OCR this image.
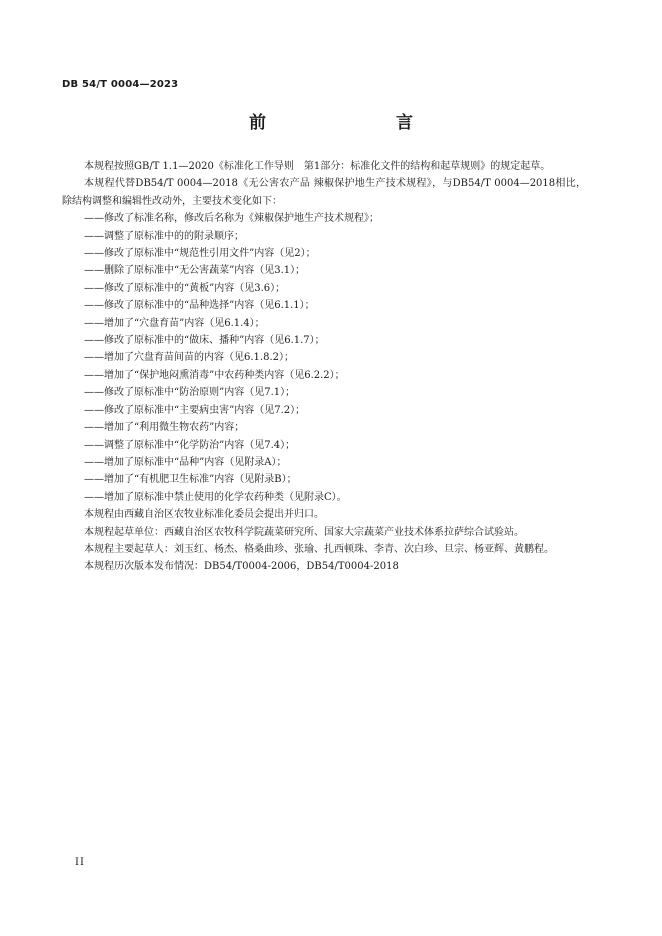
DB 54/T 0004—2023
前　　言

本规程按照GB/T 1.1—2020《标准化工作导则　第1部分：标准化文件的结构和起草规则》的规定起草。

本规程代替DB54/T 0004—2018《无公害农产品 辣椒保护地生产技术规程》，与DB54/T 0004—2018相比，除结构调整和编辑性改动外，主要技术变化如下：

——修改了标准名称，修改后名称为《辣椒保护地生产技术规程》；

——调整了原标准中的的附录顺序；

——修改了原标准中“规范性引用文件”内容（见2）；

——删除了原标准中“无公害蔬菜”内容（见3.1）；

——修改了原标准中的“黄板”内容（见3.6）；

——修改了原标准中的“品种选择”内容（见6.1.1）；

——增加了“穴盘育苗”内容（见6.1.4）；

——修改了原标准中的“做床、播种”内容（见6.1.7）；

——增加了穴盘育苗间苗的内容（见6.1.8.2）；

——增加了“保护地闷熏消毒”中农药种类内容（见6.2.2）；

——修改了原标准中“防治原则”内容（见7.1）；

——修改了原标准中“主要病虫害”内容（见7.2）；

——增加了“利用微生物农药”内容；

——调整了原标准中“化学防治”内容（见7.4）；

——增加了原标准中“品种”内容（见附录A）；

——增加了“有机肥卫生标准”内容（见附录B）；

——增加了原标准中禁止使用的化学农药种类（见附录C）。

本规程由西藏自治区农牧业标准化委员会提出并归口。

本规程起草单位：西藏自治区农牧科学院蔬菜研究所、国家大宗蔬菜产业技术体系拉萨综合试验站。

本规程主要起草人：刘玉红、杨杰、格桑曲珍、张瑜、扎西顿珠、李青、次白珍、旦宗、杨亚辉、黄鹏程。

本规程历次版本发布情况：DB54/T0004-2006，DB54/T0004-2018

II
